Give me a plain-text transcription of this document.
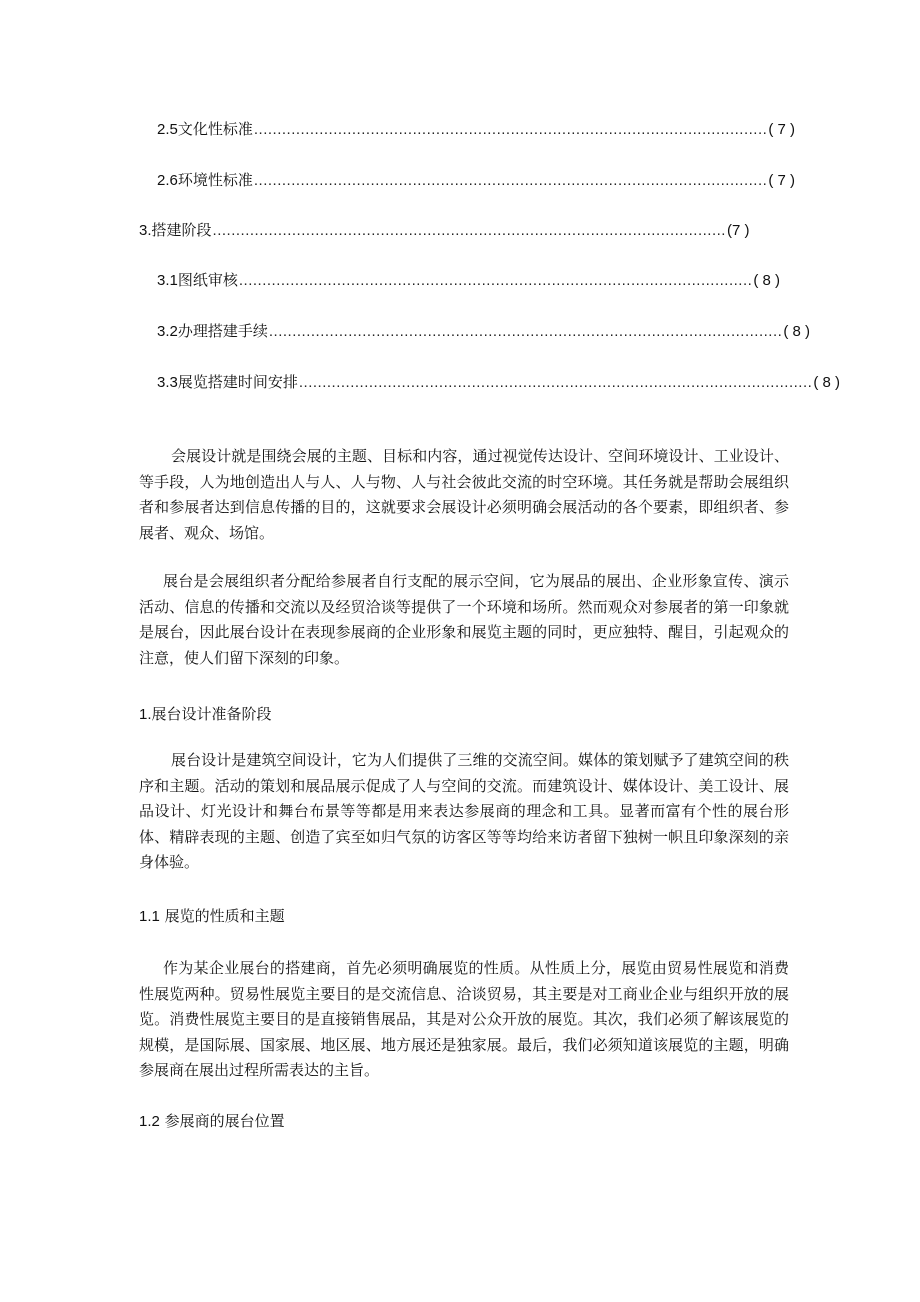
2.5 文化性标准 .............................................................................................................. ( 7 )
2.6 环境性标准 .............................................................................................................. ( 7 )
3. 搭建阶段 .............................................................................................................. (7 )
3.1 图纸审核 .............................................................................................................. ( 8 )
3.2 办理搭建手续 .............................................................................................................. ( 8 )
3.3 展览搭建时间安排 .............................................................................................................. ( 8 )

会展设计就是围绕会展的主题、目标和内容，通过视觉传达设计、空间环境设计、工业设计、等手段，人为地创造出人与人、人与物、人与社会彼此交流的时空环境。其任务就是帮助会展组织者和参展者达到信息传播的目的，这就要求会展设计必须明确会展活动的各个要素，即组织者、参展者、观众、场馆。

展台是会展组织者分配给参展者自行支配的展示空间，它为展品的展出、企业形象宣传、演示活动、信息的传播和交流以及经贸洽谈等提供了一个环境和场所。然而观众对参展者的第一印象就是展台，因此展台设计在表现参展商的企业形象和展览主题的同时，更应独特、醒目，引起观众的注意，使人们留下深刻的印象。

1.展台设计准备阶段

展台设计是建筑空间设计，它为人们提供了三维的交流空间。媒体的策划赋予了建筑空间的秩序和主题。活动的策划和展品展示促成了人与空间的交流。而建筑设计、媒体设计、美工设计、展品设计、灯光设计和舞台布景等等都是用来表达参展商的理念和工具。显著而富有个性的展台形体、精辟表现的主题、创造了宾至如归气氛的访客区等等均给来访者留下独树一帜且印象深刻的亲身体验。

1.1 展览的性质和主题

作为某企业展台的搭建商，首先必须明确展览的性质。从性质上分，展览由贸易性展览和消费性展览两种。贸易性展览主要目的是交流信息、洽谈贸易，其主要是对工商业企业与组织开放的展览。消费性展览主要目的是直接销售展品，其是对公众开放的展览。其次，我们必须了解该展览的规模，是国际展、国家展、地区展、地方展还是独家展。最后，我们必须知道该展览的主题，明确参展商在展出过程所需表达的主旨。

1.2 参展商的展台位置
